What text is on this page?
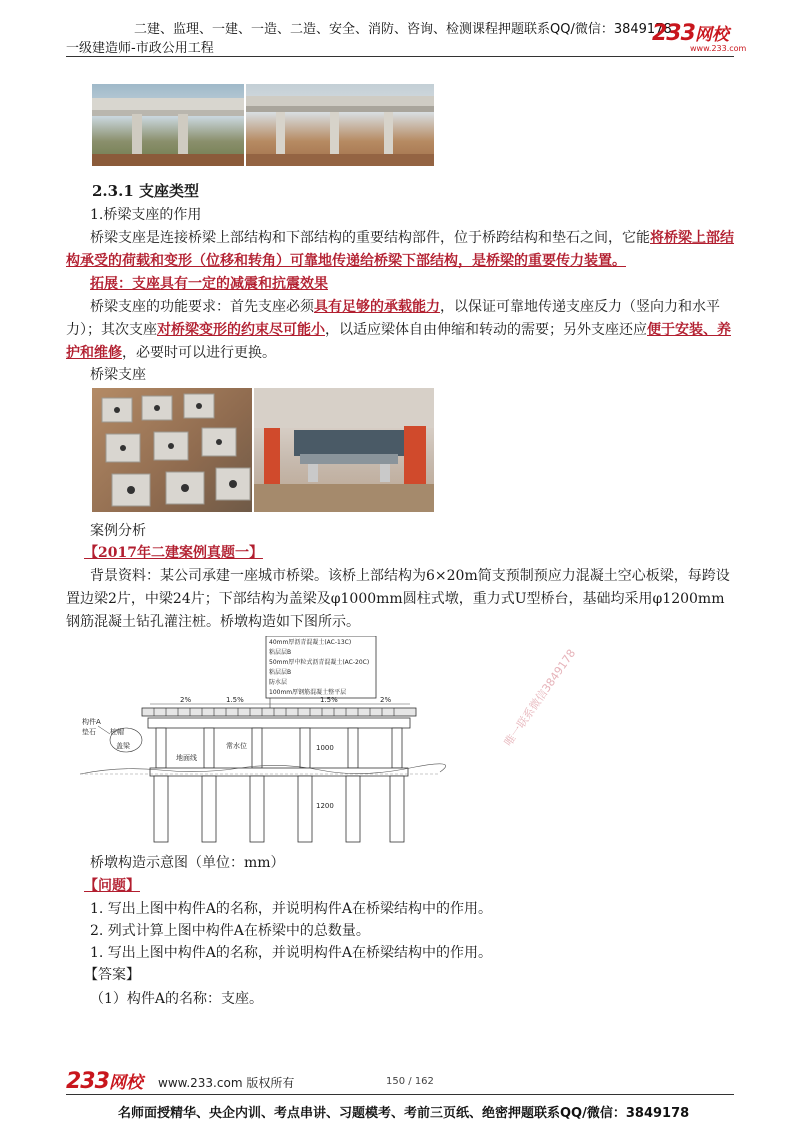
二建、监理、一建、一造、二造、安全、消防、咨询、检测课程押题联系QQ/微信：3849178
一级建造师-市政公用工程
233网校
www.233.com
2.3.1 支座类型
1.桥梁支座的作用
桥梁支座是连接桥梁上部结构和下部结构的重要结构部件，位于桥跨结构和垫石之间，它能将桥梁上部结构承受的荷载和变形（位移和转角）可靠地传递给桥梁下部结构，是桥梁的重要传力装置。
拓展：支座具有一定的减震和抗震效果
桥梁支座的功能要求：首先支座必须具有足够的承载能力，以保证可靠地传递支座反力（竖向力和水平力）；其次支座对桥梁变形的约束尽可能小，以适应梁体自由伸缩和转动的需要；另外支座还应便于安装、养护和维修，必要时可以进行更换。
桥梁支座
案例分析
【2017年二建案例真题一】
背景资料：某公司承建一座城市桥梁。该桥上部结构为6×20m简支预制预应力混凝土空心板梁，每跨设置边梁2片，中梁24片；下部结构为盖梁及φ1000mm圆柱式墩，重力式U型桥台，基础均采用φ1200mm钢筋混凝土钻孔灌注桩。桥墩构造如下图所示。
40mm厚沥青混凝土(AC-13C)
粘层层B
50mm厚中粒式沥青混凝土(AC-20C)
粘层层B
防水层
100mm厚钢筋混凝土整平层
2%	1.5%	1.5%	2%
构件A
垫石
盖梁
桩帽
地面线
常水位	1000
1200
唯一联系微信3849178
桥墩构造示意图（单位：mm）
【问题】
1. 写出上图中构件A的名称，并说明构件A在桥梁结构中的作用。
2. 列式计算上图中构件A在桥梁中的总数量。
1. 写出上图中构件A的名称，并说明构件A在桥梁结构中的作用。
【答案】
（1）构件A的名称：支座。
233网校 www.233.com 版权所有	150 / 162
名师面授精华、央企内训、考点串讲、习题模考、考前三页纸、绝密押题联系QQ/微信：3849178
